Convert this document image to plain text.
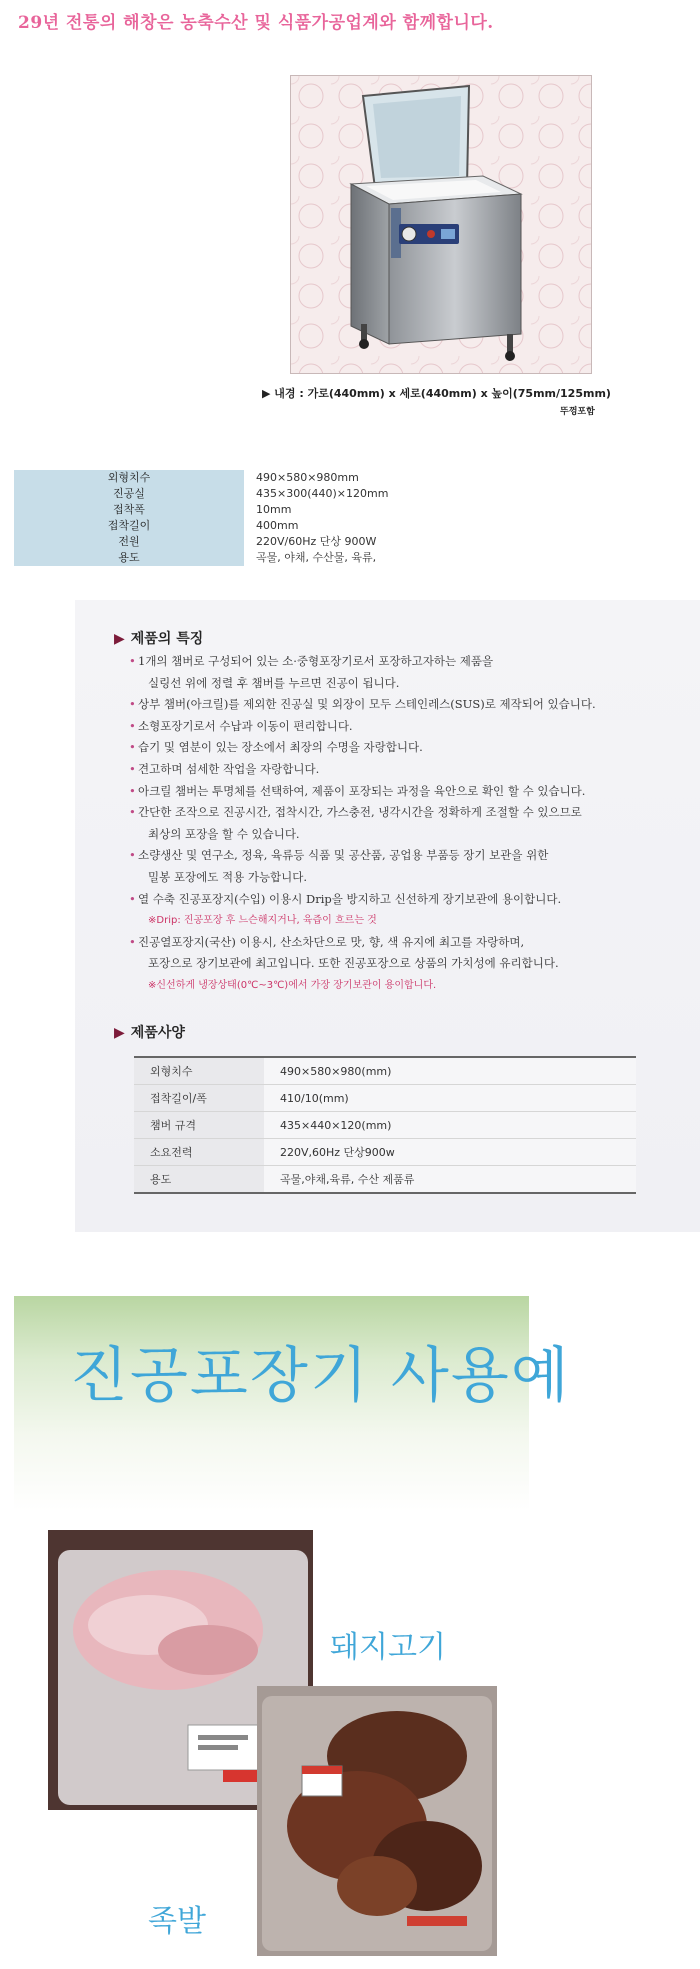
29년 전통의 해창은 농축수산 및 식품가공업계와 함께합니다.
▶ 내경 : 가로(440mm) x 세로(440mm) x 높이(75mm/125mm)
뚜껑포함
외형치수	490×580×980mm
진공실	435×300(440)×120mm
접착폭	10mm
접착길이	400mm
전원	220V/60Hz 단상 900W
용도	곡물, 야채, 수산물, 육류,
▶ 제품의 특징
• 1개의 챔버로 구성되어 있는 소·중형포장기로서 포장하고자하는 제품을
실링선 위에 정렬 후 챔버를 누르면 진공이 됩니다.
• 상부 챔버(아크릴)를 제외한 진공실 및 외장이 모두 스테인레스(SUS)로 제작되어 있습니다.
• 소형포장기로서 수납과 이동이 편리합니다.
• 습기 및 염분이 있는 장소에서 최장의 수명을 자랑합니다.
• 견고하며 섬세한 작업을 자랑합니다.
• 아크릴 챔버는 투명체를 선택하여, 제품이 포장되는 과정을 육안으로 확인 할 수 있습니다.
• 간단한 조작으로 진공시간, 접착시간, 가스충전, 냉각시간을 정확하게 조절할 수 있으므로
최상의 포장을 할 수 있습니다.
• 소량생산 및 연구소, 정육, 육류등 식품 및 공산품, 공업용 부품등 장기 보관을 위한
밀봉 포장에도 적용 가능합니다.
• 열 수축 진공포장지(수입) 이용시 Drip을 방지하고 신선하게 장기보관에 용이합니다.
※Drip: 진공포장 후 느슨해지거나, 육즙이 흐르는 것
• 진공열포장지(국산) 이용시, 산소차단으로 맛, 향, 색 유지에 최고를 자랑하며,
포장으로 장기보관에 최고입니다. 또한 진공포장으로 상품의 가치성에 유리합니다.
※신선하게 냉장상태(0℃~3℃)에서 가장 장기보관이 용이합니다.
▶ 제품사양
외형치수	490×580×980(mm)
접착길이/폭	410/10(mm)
챔버 규격	435×440×120(mm)
소요전력	220V,60Hz 단상900w
용도	곡물,야채,육류, 수산 제품류
진공포장기 사용예
돼지고기
족발
